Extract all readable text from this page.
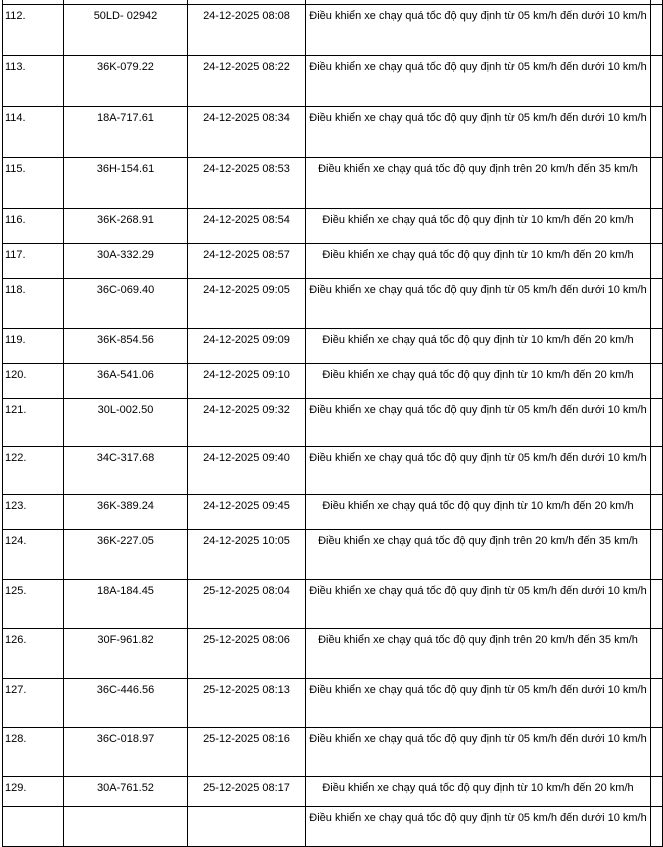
112.	50LD- 02942	24-12-2025 08:08	Điều khiển xe chạy quá tốc độ quy định từ 05 km/h đến dưới 10 km/h	
113.	36K-079.22	24-12-2025 08:22	Điều khiển xe chạy quá tốc độ quy định từ 05 km/h đến dưới 10 km/h	
114.	18A-717.61	24-12-2025 08:34	Điều khiển xe chạy quá tốc độ quy định từ 05 km/h đến dưới 10 km/h	
115.	36H-154.61	24-12-2025 08:53	Điều khiển xe chạy quá tốc độ quy định trên 20 km/h đến 35 km/h	
116.	36K-268.91	24-12-2025 08:54	Điều khiển xe chạy quá tốc độ quy định từ 10 km/h đến 20 km/h	
117.	30A-332.29	24-12-2025 08:57	Điều khiển xe chạy quá tốc độ quy định từ 10 km/h đến 20 km/h	
118.	36C-069.40	24-12-2025 09:05	Điều khiển xe chạy quá tốc độ quy định từ 05 km/h đến dưới 10 km/h	
119.	36K-854.56	24-12-2025 09:09	Điều khiển xe chạy quá tốc độ quy định từ 10 km/h đến 20 km/h	
120.	36A-541.06	24-12-2025 09:10	Điều khiển xe chạy quá tốc độ quy định từ 10 km/h đến 20 km/h	
121.	30L-002.50	24-12-2025 09:32	Điều khiển xe chạy quá tốc độ quy định từ 05 km/h đến dưới 10 km/h	
122.	34C-317.68	24-12-2025 09:40	Điều khiển xe chạy quá tốc độ quy định từ 05 km/h đến dưới 10 km/h	
123.	36K-389.24	24-12-2025 09:45	Điều khiển xe chạy quá tốc độ quy định từ 10 km/h đến 20 km/h	
124.	36K-227.05	24-12-2025 10:05	Điều khiển xe chạy quá tốc độ quy định trên 20 km/h đến 35 km/h	
125.	18A-184.45	25-12-2025 08:04	Điều khiển xe chạy quá tốc độ quy định từ 05 km/h đến dưới 10 km/h	
126.	30F-961.82	25-12-2025 08:06	Điều khiển xe chạy quá tốc độ quy định trên 20 km/h đến 35 km/h	
127.	36C-446.56	25-12-2025 08:13	Điều khiển xe chạy quá tốc độ quy định từ 05 km/h đến dưới 10 km/h	
128.	36C-018.97	25-12-2025 08:16	Điều khiển xe chạy quá tốc độ quy định từ 05 km/h đến dưới 10 km/h	
129.	30A-761.52	25-12-2025 08:17	Điều khiển xe chạy quá tốc độ quy định từ 10 km/h đến 20 km/h	
			Điều khiển xe chạy quá tốc độ quy định từ 05 km/h đến dưới 10 km/h	
